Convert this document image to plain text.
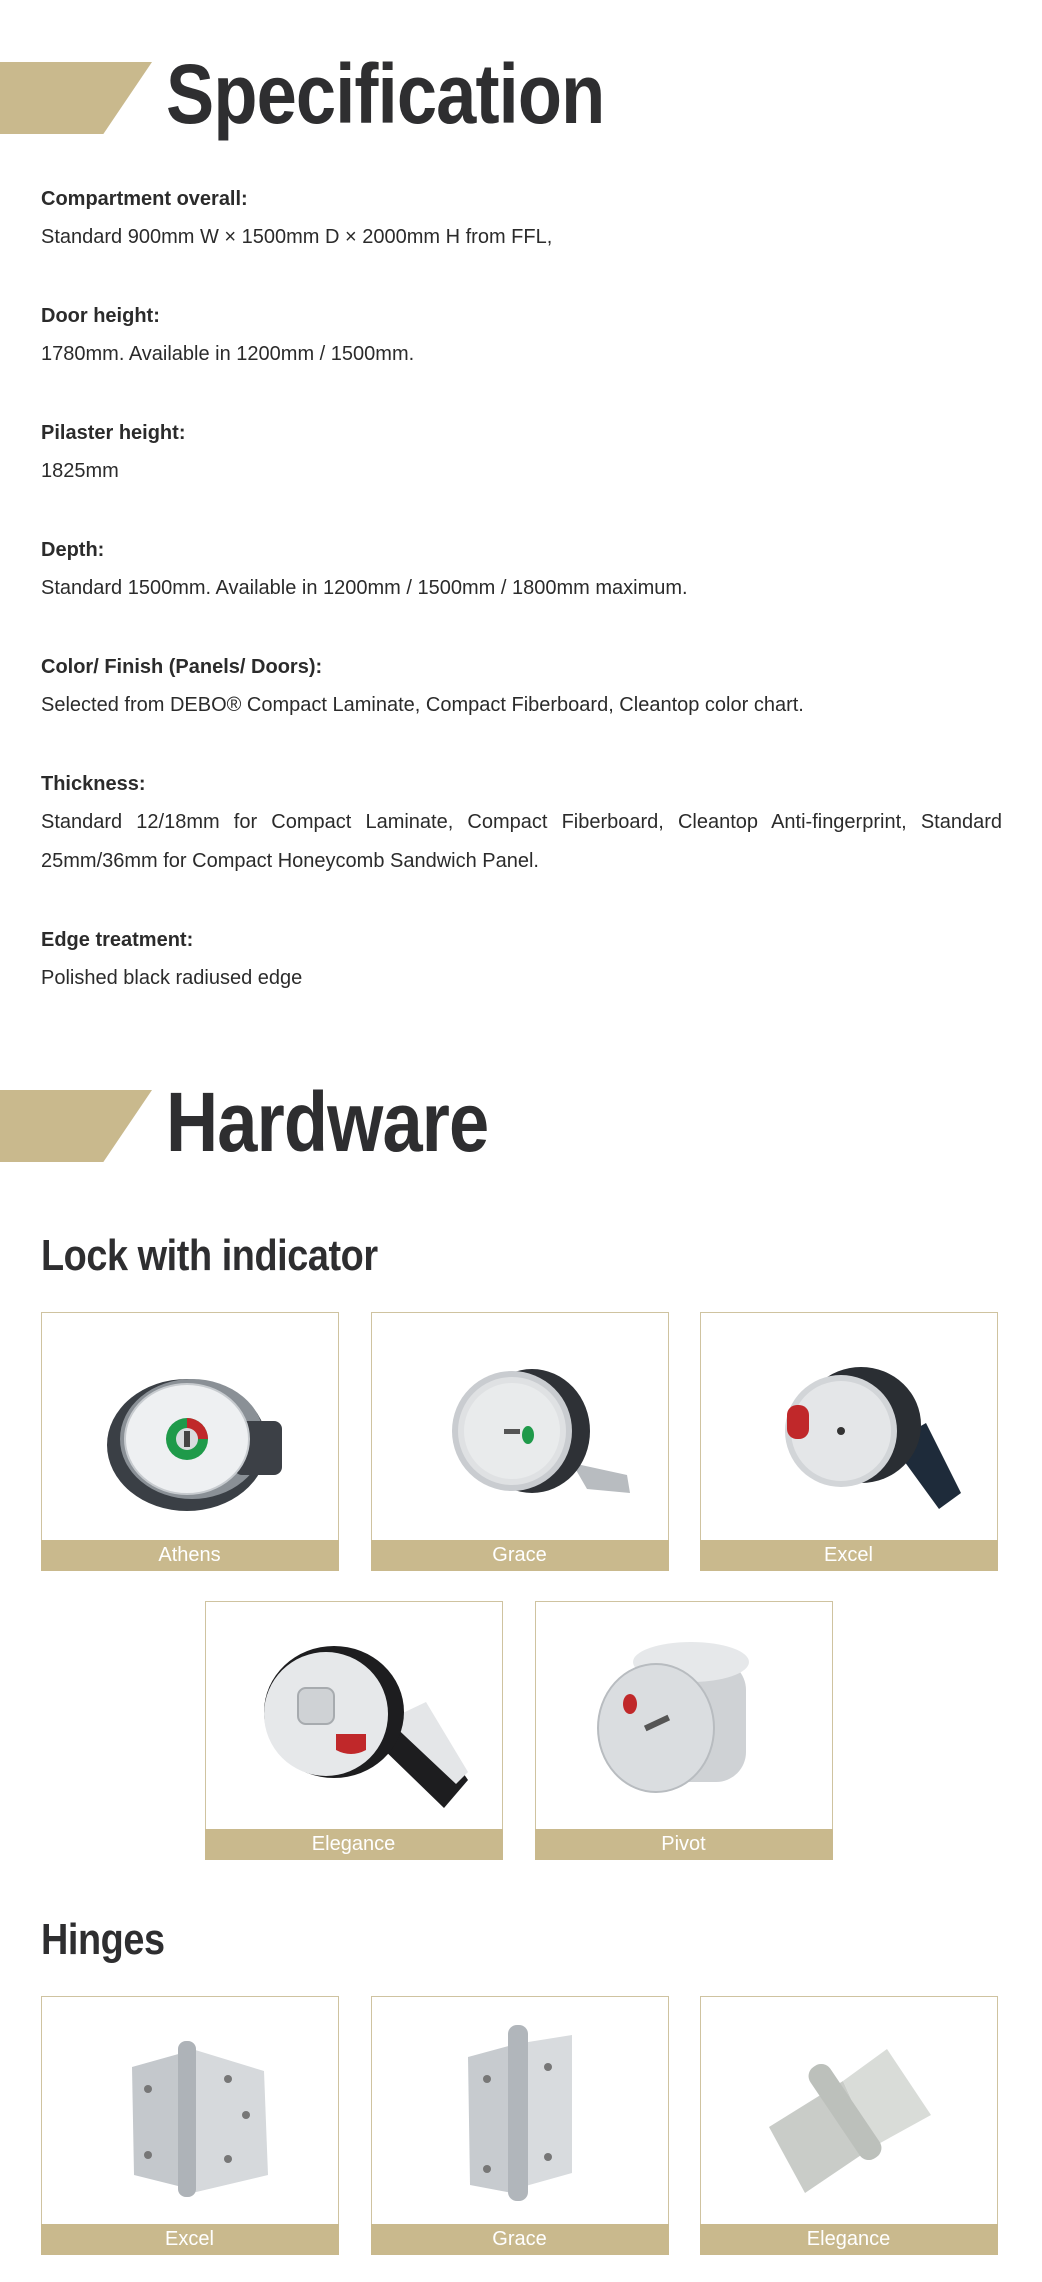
Specification

Compartment overall:

Standard 900mm W × 1500mm D × 2000mm H from FFL,

Door height:

1780mm. Available in 1200mm / 1500mm.

Pilaster height:

1825mm

Depth:

Standard 1500mm. Available in 1200mm / 1500mm / 1800mm maximum.

Color/ Finish (Panels/ Doors):

Selected from DEBO® Compact Laminate, Compact Fiberboard, Cleantop color chart.

Thickness:

Standard 12/18mm for Compact Laminate, Compact Fiberboard, Cleantop Anti-fingerprint, Standard 25mm/36mm for Compact Honeycomb Sandwich Panel.

Edge treatment:

Polished black radiused edge

Hardware
Lock with indicator
Athens	Grace	Excel
Elegance	Pivot
Hinges
Excel	Grace	Elegance
